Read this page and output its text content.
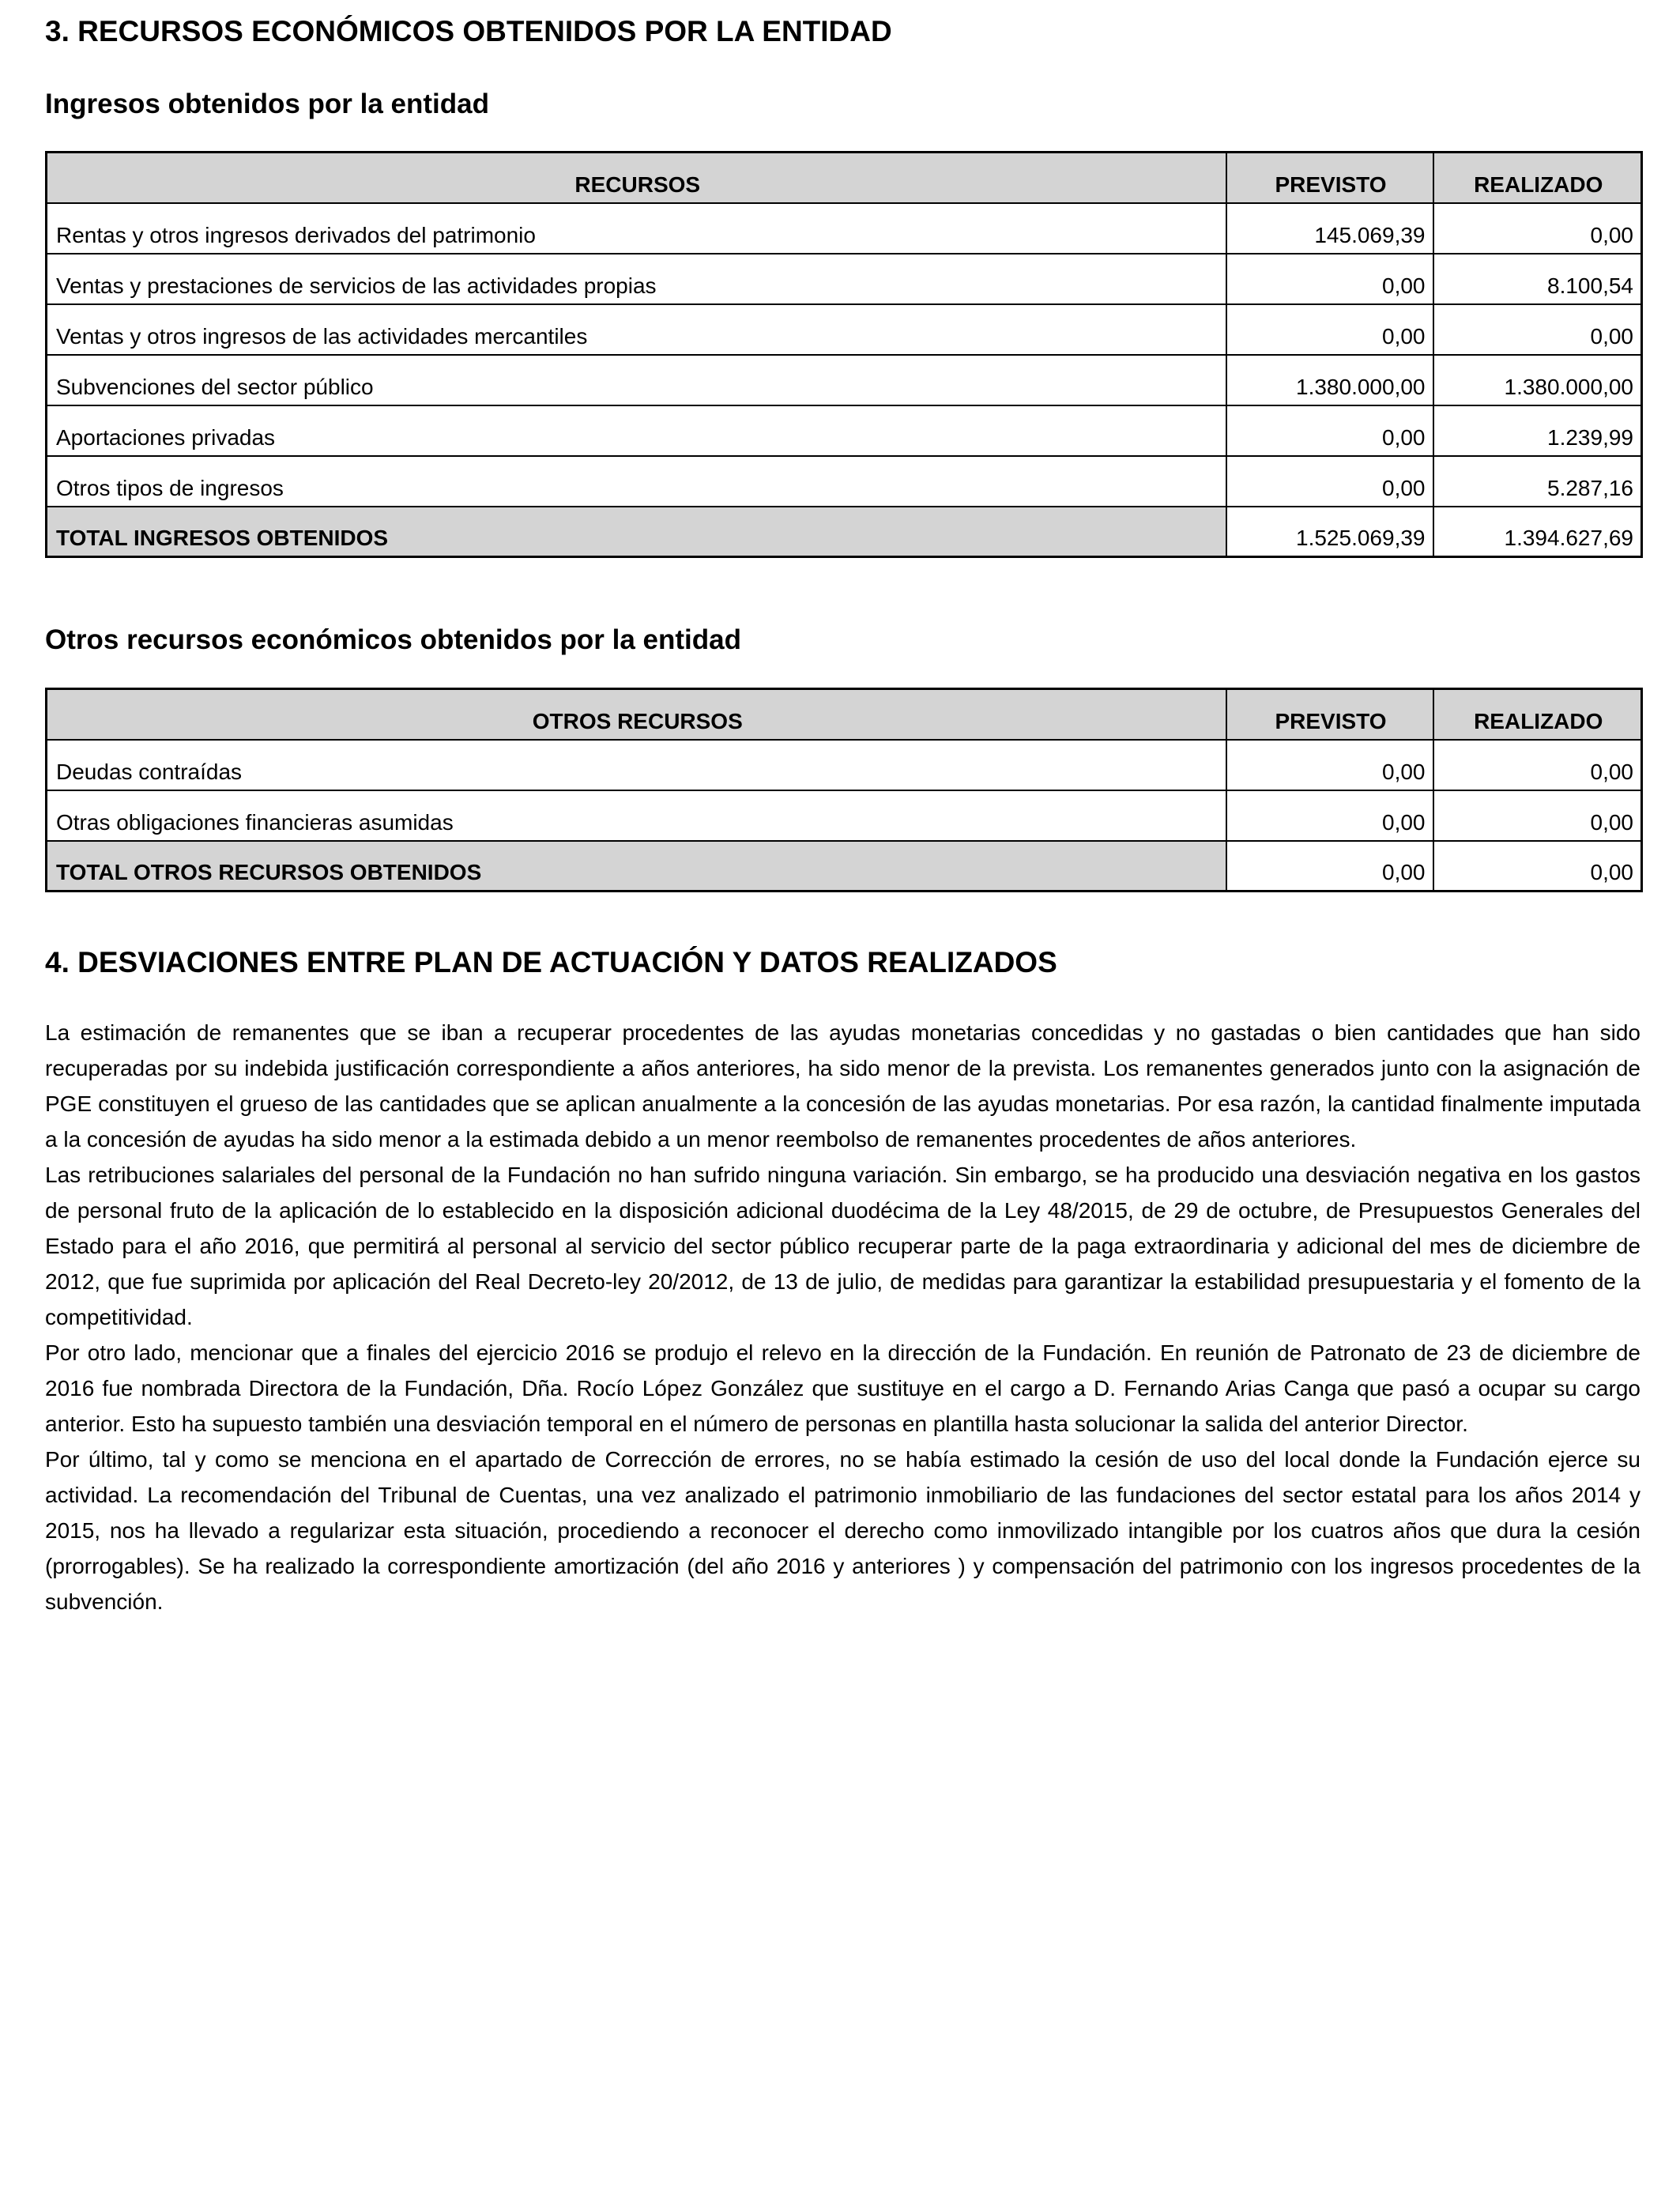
3. RECURSOS ECONÓMICOS OBTENIDOS POR LA ENTIDAD
Ingresos obtenidos por la entidad
RECURSOS	PREVISTO	REALIZADO
Rentas y otros ingresos derivados del patrimonio	145.069,39	0,00
Ventas y prestaciones de servicios de las actividades propias	0,00	8.100,54
Ventas y otros ingresos de las actividades mercantiles	0,00	0,00
Subvenciones del sector público	1.380.000,00	1.380.000,00
Aportaciones privadas	0,00	1.239,99
Otros tipos de ingresos	0,00	5.287,16
TOTAL INGRESOS OBTENIDOS	1.525.069,39	1.394.627,69
Otros recursos económicos obtenidos por la entidad
OTROS RECURSOS	PREVISTO	REALIZADO
Deudas contraídas	0,00	0,00
Otras obligaciones financieras asumidas	0,00	0,00
TOTAL OTROS RECURSOS OBTENIDOS	0,00	0,00
4. DESVIACIONES ENTRE PLAN DE ACTUACIÓN Y DATOS REALIZADOS

La estimación de remanentes que se iban a recuperar procedentes de las ayudas monetarias concedidas y no gastadas o bien cantidades que han sido recuperadas por su indebida justificación correspondiente a años anteriores, ha sido menor de la prevista. Los remanentes generados junto con la asignación de PGE constituyen el grueso de las cantidades que se aplican anualmente a la concesión de las ayudas monetarias. Por esa razón, la cantidad finalmente imputada a la concesión de ayudas ha sido menor a la estimada debido a un menor reembolso de remanentes procedentes de años anteriores.

Las retribuciones salariales del personal de la Fundación no han sufrido ninguna variación. Sin embargo, se ha producido una desviación negativa en los gastos de personal fruto de la aplicación de lo establecido en la disposición adicional duodécima de la Ley 48/2015, de 29 de octubre, de Presupuestos Generales del Estado para el año 2016, que permitirá al personal al servicio del sector público recuperar parte de la paga extraordinaria y adicional del mes de diciembre de 2012, que fue suprimida por aplicación del Real Decreto-ley 20/2012, de 13 de julio, de medidas para garantizar la estabilidad presupuestaria y el fomento de la competitividad.

Por otro lado, mencionar que a finales del ejercicio 2016 se produjo el relevo en la dirección de la Fundación. En reunión de Patronato de 23 de diciembre de 2016 fue nombrada Directora de la Fundación, Dña. Rocío López González que sustituye en el cargo a D. Fernando Arias Canga que pasó a ocupar su cargo anterior. Esto ha supuesto también una desviación temporal en el número de personas en plantilla hasta solucionar la salida del anterior Director.

Por último, tal y como se menciona en el apartado de Corrección de errores, no se había estimado la cesión de uso del local donde la Fundación ejerce su actividad. La recomendación del Tribunal de Cuentas, una vez analizado el patrimonio inmobiliario de las fundaciones del sector estatal para los años 2014 y 2015, nos ha llevado a regularizar esta situación, procediendo a reconocer el derecho como inmovilizado intangible por los cuatros años que dura la cesión (prorrogables). Se ha realizado la correspondiente amortización (del año 2016 y anteriores ) y compensación del patrimonio con los ingresos procedentes de la subvención.
